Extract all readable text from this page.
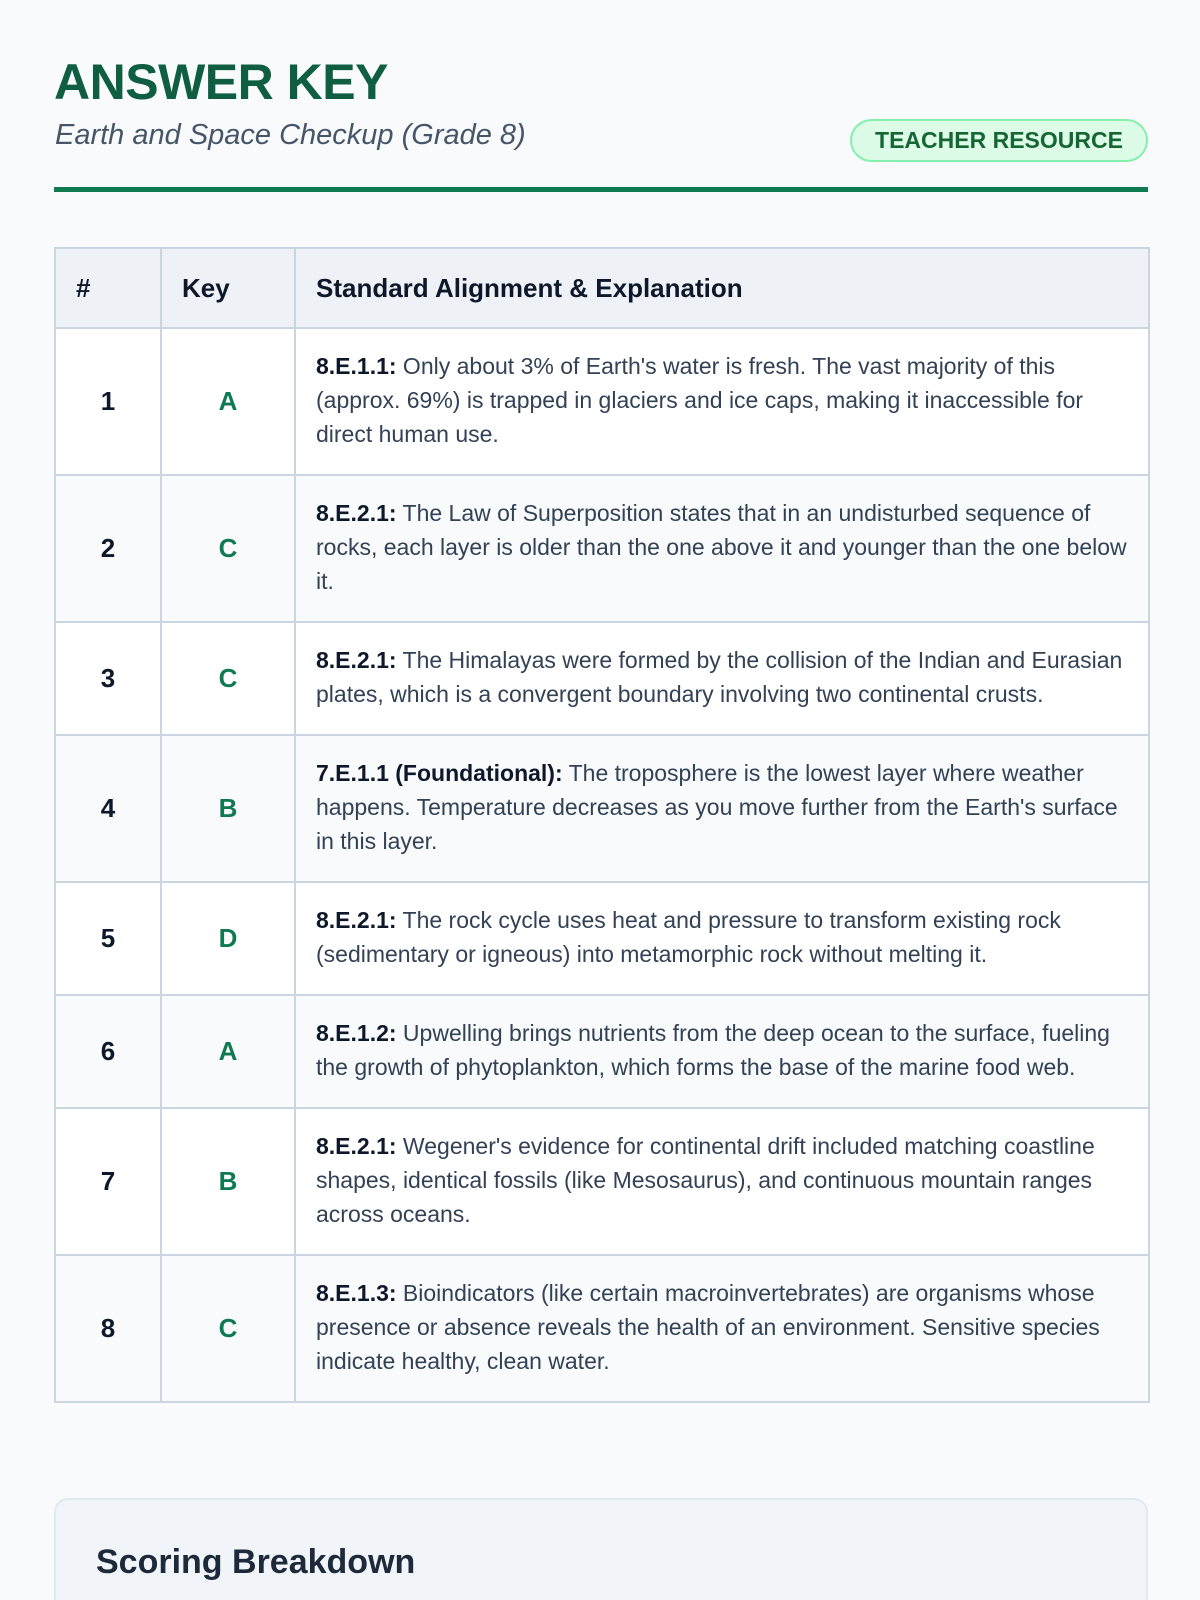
ANSWER KEY

Earth and Space Checkup (Grade 8)	TEACHER RESOURCE
#	Key	Standard Alignment & Explanation
1	A	8.E.1.1: Only about 3% of Earth's water is fresh. The vast majority of this (approx. 69%) is trapped in glaciers and ice caps, making it inaccessible for direct human use.
2	C	8.E.2.1: The Law of Superposition states that in an undisturbed sequence of rocks, each layer is older than the one above it and younger than the one below it.
3	C	8.E.2.1: The Himalayas were formed by the collision of the Indian and Eurasian plates, which is a convergent boundary involving two continental crusts.
4	B	7.E.1.1 (Foundational): The troposphere is the lowest layer where weather happens. Temperature decreases as you move further from the Earth's surface in this layer.
5	D	8.E.2.1: The rock cycle uses heat and pressure to transform existing rock (sedimentary or igneous) into metamorphic rock without melting it.
6	A	8.E.1.2: Upwelling brings nutrients from the deep ocean to the surface, fueling the growth of phytoplankton, which forms the base of the marine food web.
7	B	8.E.2.1: Wegener's evidence for continental drift included matching coastline shapes, identical fossils (like Mesosaurus), and continuous mountain ranges across oceans.
8	C	8.E.1.3: Bioindicators (like certain macroinvertebrates) are organisms whose presence or absence reveals the health of an environment. Sensitive species indicate healthy, clean water.
Scoring Breakdown
